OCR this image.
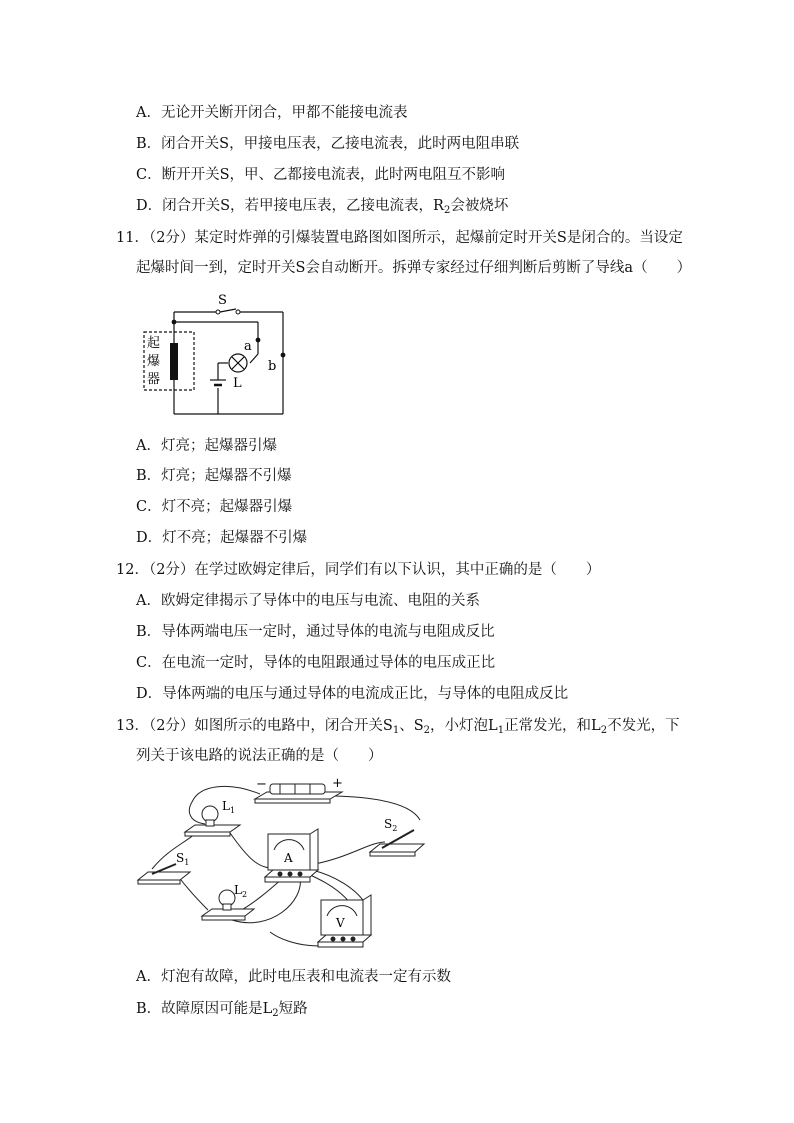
A．无论开关断开闭合，甲都不能接电流表
B．闭合开关S，甲接电压表，乙接电流表，此时两电阻串联
C．断开开关S，甲、乙都接电流表，此时两电阻互不影响
D．闭合开关S，若甲接电压表，乙接电流表，$R_2$会被烧坏
11．（2分）某定时炸弹的引爆装置电路图如图所示，起爆前定时开关S是闭合的。当设定
起爆时间一到，定时开关S会自动断开。拆弹专家经过仔细判断后剪断了导线a（　　）
S
a
b
L
起
爆
器
A．灯亮；起爆器引爆
B．灯亮；起爆器不引爆
C．灯不亮；起爆器引爆
D．灯不亮；起爆器不引爆
12．（2分）在学过欧姆定律后，同学们有以下认识，其中正确的是（　　）
A．欧姆定律揭示了导体中的电压与电流、电阻的关系
B．导体两端电压一定时，通过导体的电流与电阻成反比
C．在电流一定时，导体的电阻跟通过导体的电压成正比
D．导体两端的电压与通过导体的电流成正比，与导体的电阻成反比
13．（2分）如图所示的电路中，闭合开关$S_1$、$S_2$，小灯泡$L_1$正常发光，和$L_2$不发光，下
列关于该电路的说法正确的是（　　）
−	+
$L_1$
$S_1$
$L_2$
$S_2$
A
V
A．灯泡有故障，此时电压表和电流表一定有示数
B．故障原因可能是$L_2$短路
